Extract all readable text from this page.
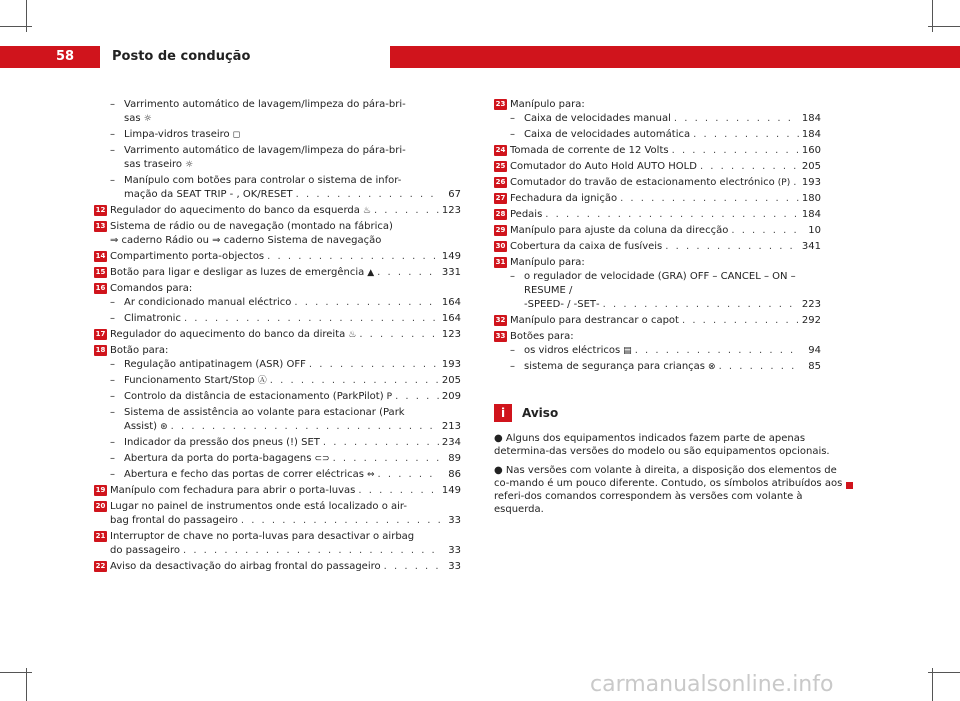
58	Posto de condução
– Varrimento automático de lavagem/limpeza do pára-bri-
sas ☼
– Limpa-vidros traseiro ◻
– Varrimento automático de lavagem/limpeza do pára-bri-
sas traseiro ☼
– Manípulo com botões para controlar o sistema de infor-
mação da SEAT TRIP ‑ , OK/RESET . . .	67
12 Regulador do aquecimento do banco da esquerda ♨ . . .	123
13 Sistema de rádio ou de navegação (montado na fábrica)
⇒ caderno Rádio ou ⇒ caderno Sistema de navegação
14 Compartimento porta-objectos . . .	149
15 Botão para ligar e desligar as luzes de emergência ▲ . . .	331
16 Comandos para:
– Ar condicionado manual eléctrico . . .	164
– Climatronic . . .	164
17 Regulador do aquecimento do banco da direita ♨ . . .	123
18 Botão para:
– Regulação antipatinagem (ASR) OFF . . .	193
– Funcionamento Start/Stop Ⓐ . . .	205
– Controlo da distância de estacionamento (ParkPilot) P . . .	209
– Sistema de assistência ao volante para estacionar (Park
Assist) ⊛ . . .	213
– Indicador da pressão dos pneus (!) SET . . .	234
– Abertura da porta do porta-bagagens ⊂⊃ . . .	89
– Abertura e fecho das portas de correr eléctricas ⇔ . . .	86
19 Manípulo com fechadura para abrir o porta-luvas . . .	149
20 Lugar no painel de instrumentos onde está localizado o air-
bag frontal do passageiro . . .	33
21 Interruptor de chave no porta-luvas para desactivar o airbag
do passageiro . . .	33
22 Aviso da desactivação do airbag frontal do passageiro . . .	33
23 Manípulo para:
– Caixa de velocidades manual . . .	184
– Caixa de velocidades automática . . .	184
24 Tomada de corrente de 12 Volts . . .	160
25 Comutador do Auto Hold AUTO HOLD . . .	205
26 Comutador do travão de estacionamento electrónico (P) . . . 193
27 Fechadura da ignição . . .	180
28 Pedais . . .	184
29 Manípulo para ajuste da coluna da direcção . . .	10
30 Cobertura da caixa de fusíveis . . .	341
31 Manípulo para:
– o regulador de velocidade (GRA) OFF – CANCEL – ON – RESUME /
‑SPEED‑ / ‑SET‑ . . .	223
32 Manípulo para destrancar o capot . . .	292
33 Botões para:
– os vidros eléctricos ▤ . . .	94
– sistema de segurança para crianças ⊗ . . .	85
i	Aviso

● Alguns dos equipamentos indicados fazem parte de apenas determina-das versões do modelo ou são equipamentos opcionais.

● Nas versões com volante à direita, a disposição dos elementos de co-mando é um pouco diferente. Contudo, os símbolos atribuídos aos referi-dos comandos correspondem às versões com volante à esquerda.

carmanualsonline.info
